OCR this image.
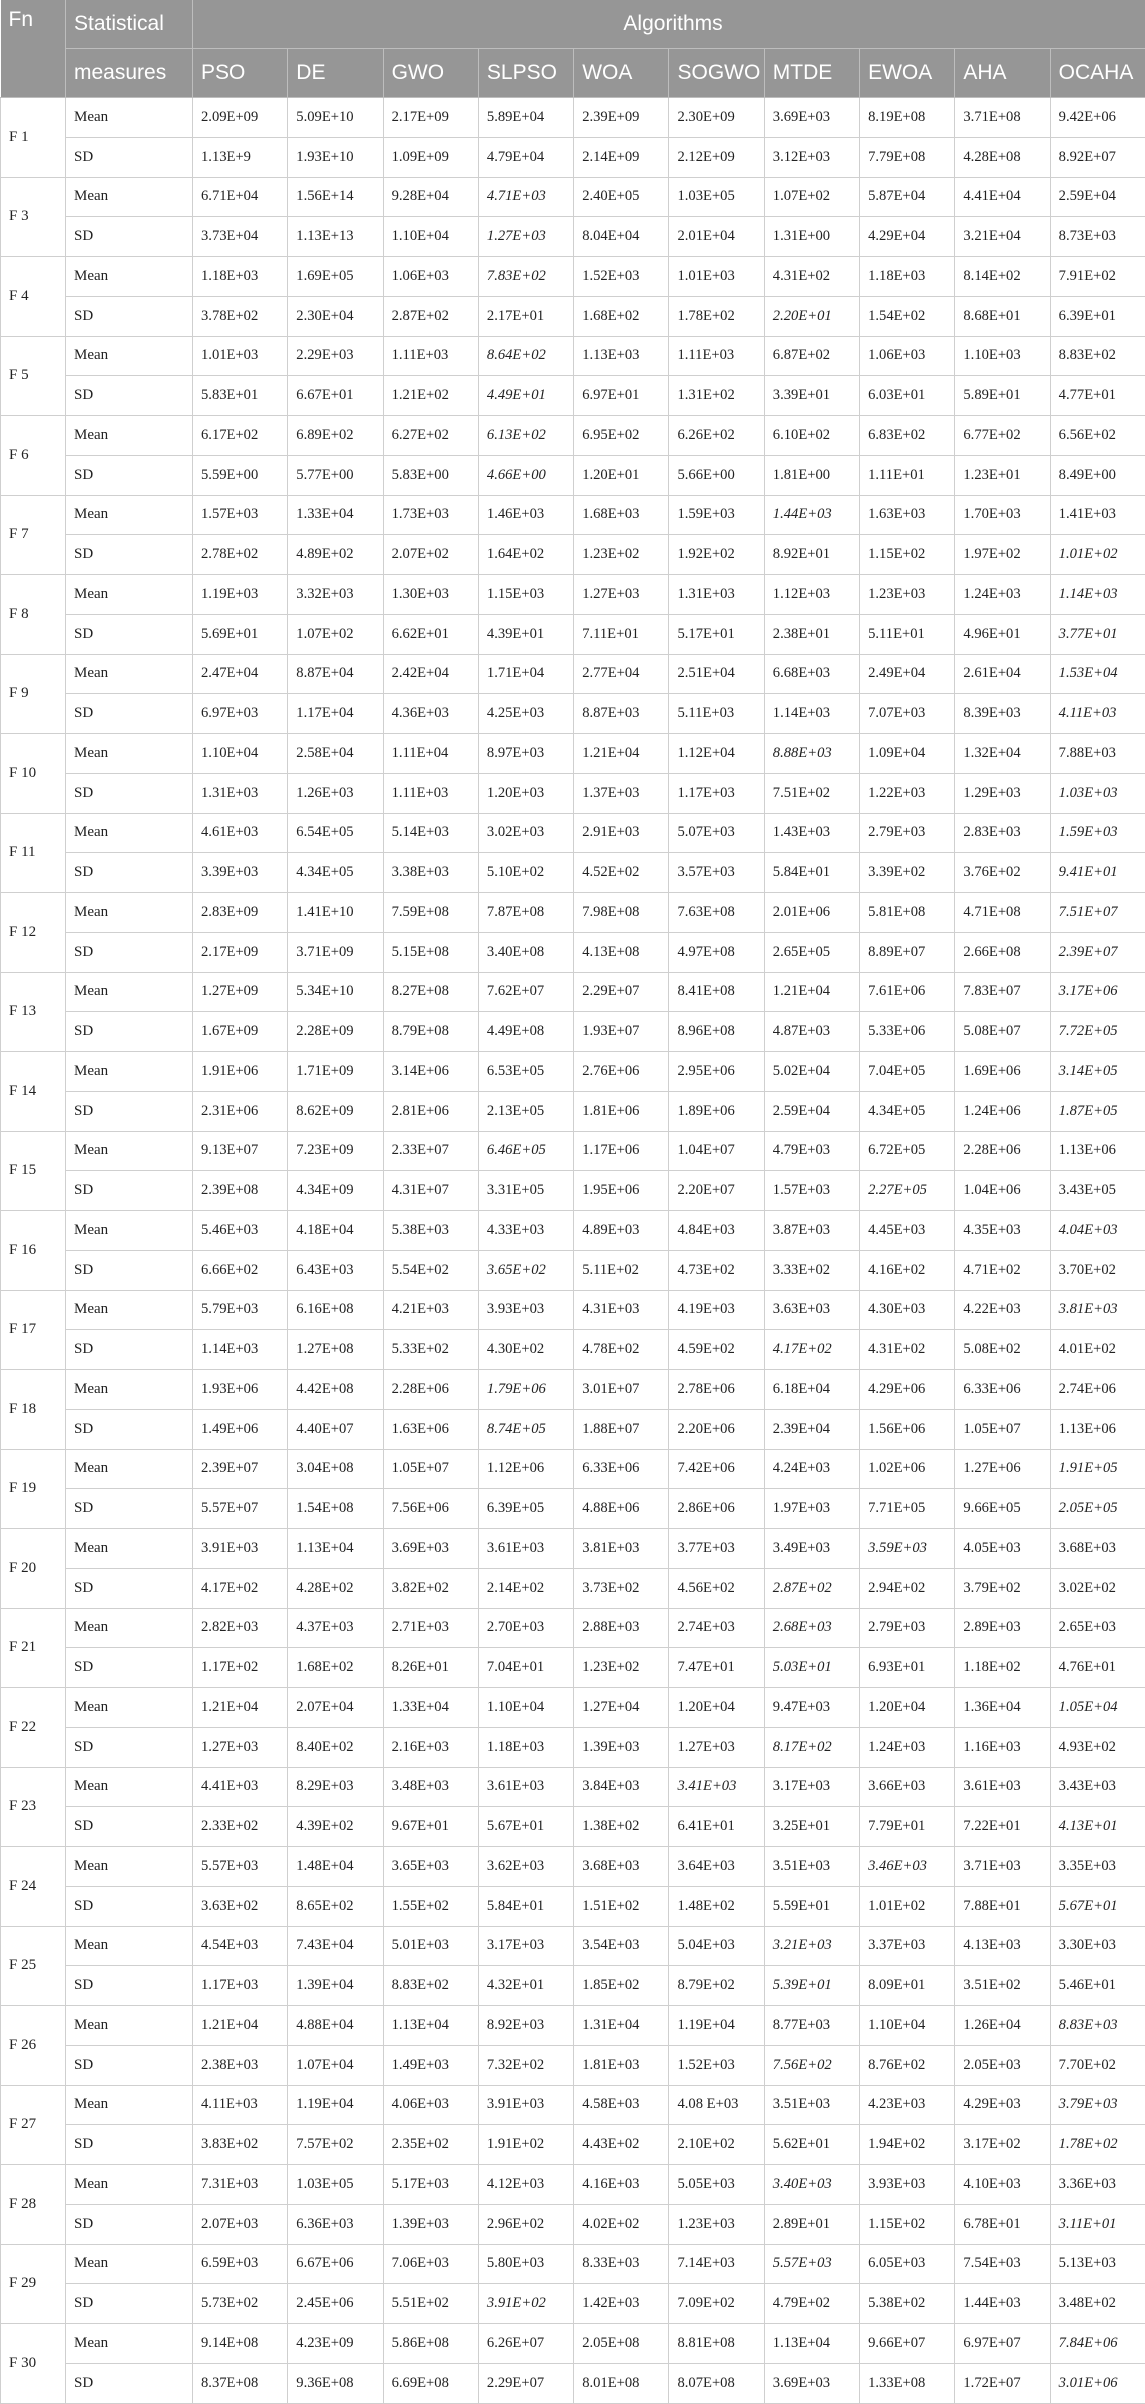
Fn	Statistical	Algorithms									
	measures	PSO	DE	GWO	SLPSO	WOA	SOGWO	MTDE	EWOA	AHA	OCAHA
F 1	Mean	2.09E+09	5.09E+10	2.17E+09	5.89E+04	2.39E+09	2.30E+09	3.69E+03	8.19E+08	3.71E+08	9.42E+06
	SD	1.13E+9	1.93E+10	1.09E+09	4.79E+04	2.14E+09	2.12E+09	3.12E+03	7.79E+08	4.28E+08	8.92E+07
F 3	Mean	6.71E+04	1.56E+14	9.28E+04	4.71E+03	2.40E+05	1.03E+05	1.07E+02	5.87E+04	4.41E+04	2.59E+04
	SD	3.73E+04	1.13E+13	1.10E+04	1.27E+03	8.04E+04	2.01E+04	1.31E+00	4.29E+04	3.21E+04	8.73E+03
F 4	Mean	1.18E+03	1.69E+05	1.06E+03	7.83E+02	1.52E+03	1.01E+03	4.31E+02	1.18E+03	8.14E+02	7.91E+02
	SD	3.78E+02	2.30E+04	2.87E+02	2.17E+01	1.68E+02	1.78E+02	2.20E+01	1.54E+02	8.68E+01	6.39E+01
F 5	Mean	1.01E+03	2.29E+03	1.11E+03	8.64E+02	1.13E+03	1.11E+03	6.87E+02	1.06E+03	1.10E+03	8.83E+02
	SD	5.83E+01	6.67E+01	1.21E+02	4.49E+01	6.97E+01	1.31E+02	3.39E+01	6.03E+01	5.89E+01	4.77E+01
F 6	Mean	6.17E+02	6.89E+02	6.27E+02	6.13E+02	6.95E+02	6.26E+02	6.10E+02	6.83E+02	6.77E+02	6.56E+02
	SD	5.59E+00	5.77E+00	5.83E+00	4.66E+00	1.20E+01	5.66E+00	1.81E+00	1.11E+01	1.23E+01	8.49E+00
F 7	Mean	1.57E+03	1.33E+04	1.73E+03	1.46E+03	1.68E+03	1.59E+03	1.44E+03	1.63E+03	1.70E+03	1.41E+03
	SD	2.78E+02	4.89E+02	2.07E+02	1.64E+02	1.23E+02	1.92E+02	8.92E+01	1.15E+02	1.97E+02	1.01E+02
F 8	Mean	1.19E+03	3.32E+03	1.30E+03	1.15E+03	1.27E+03	1.31E+03	1.12E+03	1.23E+03	1.24E+03	1.14E+03
	SD	5.69E+01	1.07E+02	6.62E+01	4.39E+01	7.11E+01	5.17E+01	2.38E+01	5.11E+01	4.96E+01	3.77E+01
F 9	Mean	2.47E+04	8.87E+04	2.42E+04	1.71E+04	2.77E+04	2.51E+04	6.68E+03	2.49E+04	2.61E+04	1.53E+04
	SD	6.97E+03	1.17E+04	4.36E+03	4.25E+03	8.87E+03	5.11E+03	1.14E+03	7.07E+03	8.39E+03	4.11E+03
F 10	Mean	1.10E+04	2.58E+04	1.11E+04	8.97E+03	1.21E+04	1.12E+04	8.88E+03	1.09E+04	1.32E+04	7.88E+03
	SD	1.31E+03	1.26E+03	1.11E+03	1.20E+03	1.37E+03	1.17E+03	7.51E+02	1.22E+03	1.29E+03	1.03E+03
F 11	Mean	4.61E+03	6.54E+05	5.14E+03	3.02E+03	2.91E+03	5.07E+03	1.43E+03	2.79E+03	2.83E+03	1.59E+03
	SD	3.39E+03	4.34E+05	3.38E+03	5.10E+02	4.52E+02	3.57E+03	5.84E+01	3.39E+02	3.76E+02	9.41E+01
F 12	Mean	2.83E+09	1.41E+10	7.59E+08	7.87E+08	7.98E+08	7.63E+08	2.01E+06	5.81E+08	4.71E+08	7.51E+07
	SD	2.17E+09	3.71E+09	5.15E+08	3.40E+08	4.13E+08	4.97E+08	2.65E+05	8.89E+07	2.66E+08	2.39E+07
F 13	Mean	1.27E+09	5.34E+10	8.27E+08	7.62E+07	2.29E+07	8.41E+08	1.21E+04	7.61E+06	7.83E+07	3.17E+06
	SD	1.67E+09	2.28E+09	8.79E+08	4.49E+08	1.93E+07	8.96E+08	4.87E+03	5.33E+06	5.08E+07	7.72E+05
F 14	Mean	1.91E+06	1.71E+09	3.14E+06	6.53E+05	2.76E+06	2.95E+06	5.02E+04	7.04E+05	1.69E+06	3.14E+05
	SD	2.31E+06	8.62E+09	2.81E+06	2.13E+05	1.81E+06	1.89E+06	2.59E+04	4.34E+05	1.24E+06	1.87E+05
F 15	Mean	9.13E+07	7.23E+09	2.33E+07	6.46E+05	1.17E+06	1.04E+07	4.79E+03	6.72E+05	2.28E+06	1.13E+06
	SD	2.39E+08	4.34E+09	4.31E+07	3.31E+05	1.95E+06	2.20E+07	1.57E+03	2.27E+05	1.04E+06	3.43E+05
F 16	Mean	5.46E+03	4.18E+04	5.38E+03	4.33E+03	4.89E+03	4.84E+03	3.87E+03	4.45E+03	4.35E+03	4.04E+03
	SD	6.66E+02	6.43E+03	5.54E+02	3.65E+02	5.11E+02	4.73E+02	3.33E+02	4.16E+02	4.71E+02	3.70E+02
F 17	Mean	5.79E+03	6.16E+08	4.21E+03	3.93E+03	4.31E+03	4.19E+03	3.63E+03	4.30E+03	4.22E+03	3.81E+03
	SD	1.14E+03	1.27E+08	5.33E+02	4.30E+02	4.78E+02	4.59E+02	4.17E+02	4.31E+02	5.08E+02	4.01E+02
F 18	Mean	1.93E+06	4.42E+08	2.28E+06	1.79E+06	3.01E+07	2.78E+06	6.18E+04	4.29E+06	6.33E+06	2.74E+06
	SD	1.49E+06	4.40E+07	1.63E+06	8.74E+05	1.88E+07	2.20E+06	2.39E+04	1.56E+06	1.05E+07	1.13E+06
F 19	Mean	2.39E+07	3.04E+08	1.05E+07	1.12E+06	6.33E+06	7.42E+06	4.24E+03	1.02E+06	1.27E+06	1.91E+05
	SD	5.57E+07	1.54E+08	7.56E+06	6.39E+05	4.88E+06	2.86E+06	1.97E+03	7.71E+05	9.66E+05	2.05E+05
F 20	Mean	3.91E+03	1.13E+04	3.69E+03	3.61E+03	3.81E+03	3.77E+03	3.49E+03	3.59E+03	4.05E+03	3.68E+03
	SD	4.17E+02	4.28E+02	3.82E+02	2.14E+02	3.73E+02	4.56E+02	2.87E+02	2.94E+02	3.79E+02	3.02E+02
F 21	Mean	2.82E+03	4.37E+03	2.71E+03	2.70E+03	2.88E+03	2.74E+03	2.68E+03	2.79E+03	2.89E+03	2.65E+03
	SD	1.17E+02	1.68E+02	8.26E+01	7.04E+01	1.23E+02	7.47E+01	5.03E+01	6.93E+01	1.18E+02	4.76E+01
F 22	Mean	1.21E+04	2.07E+04	1.33E+04	1.10E+04	1.27E+04	1.20E+04	9.47E+03	1.20E+04	1.36E+04	1.05E+04
	SD	1.27E+03	8.40E+02	2.16E+03	1.18E+03	1.39E+03	1.27E+03	8.17E+02	1.24E+03	1.16E+03	4.93E+02
F 23	Mean	4.41E+03	8.29E+03	3.48E+03	3.61E+03	3.84E+03	3.41E+03	3.17E+03	3.66E+03	3.61E+03	3.43E+03
	SD	2.33E+02	4.39E+02	9.67E+01	5.67E+01	1.38E+02	6.41E+01	3.25E+01	7.79E+01	7.22E+01	4.13E+01
F 24	Mean	5.57E+03	1.48E+04	3.65E+03	3.62E+03	3.68E+03	3.64E+03	3.51E+03	3.46E+03	3.71E+03	3.35E+03
	SD	3.63E+02	8.65E+02	1.55E+02	5.84E+01	1.51E+02	1.48E+02	5.59E+01	1.01E+02	7.88E+01	5.67E+01
F 25	Mean	4.54E+03	7.43E+04	5.01E+03	3.17E+03	3.54E+03	5.04E+03	3.21E+03	3.37E+03	4.13E+03	3.30E+03
	SD	1.17E+03	1.39E+04	8.83E+02	4.32E+01	1.85E+02	8.79E+02	5.39E+01	8.09E+01	3.51E+02	5.46E+01
F 26	Mean	1.21E+04	4.88E+04	1.13E+04	8.92E+03	1.31E+04	1.19E+04	8.77E+03	1.10E+04	1.26E+04	8.83E+03
	SD	2.38E+03	1.07E+04	1.49E+03	7.32E+02	1.81E+03	1.52E+03	7.56E+02	8.76E+02	2.05E+03	7.70E+02
F 27	Mean	4.11E+03	1.19E+04	4.06E+03	3.91E+03	4.58E+03	4.08 E+03	3.51E+03	4.23E+03	4.29E+03	3.79E+03
	SD	3.83E+02	7.57E+02	2.35E+02	1.91E+02	4.43E+02	2.10E+02	5.62E+01	1.94E+02	3.17E+02	1.78E+02
F 28	Mean	7.31E+03	1.03E+05	5.17E+03	4.12E+03	4.16E+03	5.05E+03	3.40E+03	3.93E+03	4.10E+03	3.36E+03
	SD	2.07E+03	6.36E+03	1.39E+03	2.96E+02	4.02E+02	1.23E+03	2.89E+01	1.15E+02	6.78E+01	3.11E+01
F 29	Mean	6.59E+03	6.67E+06	7.06E+03	5.80E+03	8.33E+03	7.14E+03	5.57E+03	6.05E+03	7.54E+03	5.13E+03
	SD	5.73E+02	2.45E+06	5.51E+02	3.91E+02	1.42E+03	7.09E+02	4.79E+02	5.38E+02	1.44E+03	3.48E+02
F 30	Mean	9.14E+08	4.23E+09	5.86E+08	6.26E+07	2.05E+08	8.81E+08	1.13E+04	9.66E+07	6.97E+07	7.84E+06
	SD	8.37E+08	9.36E+08	6.69E+08	2.29E+07	8.01E+08	8.07E+08	3.69E+03	1.33E+08	1.72E+07	3.01E+06
